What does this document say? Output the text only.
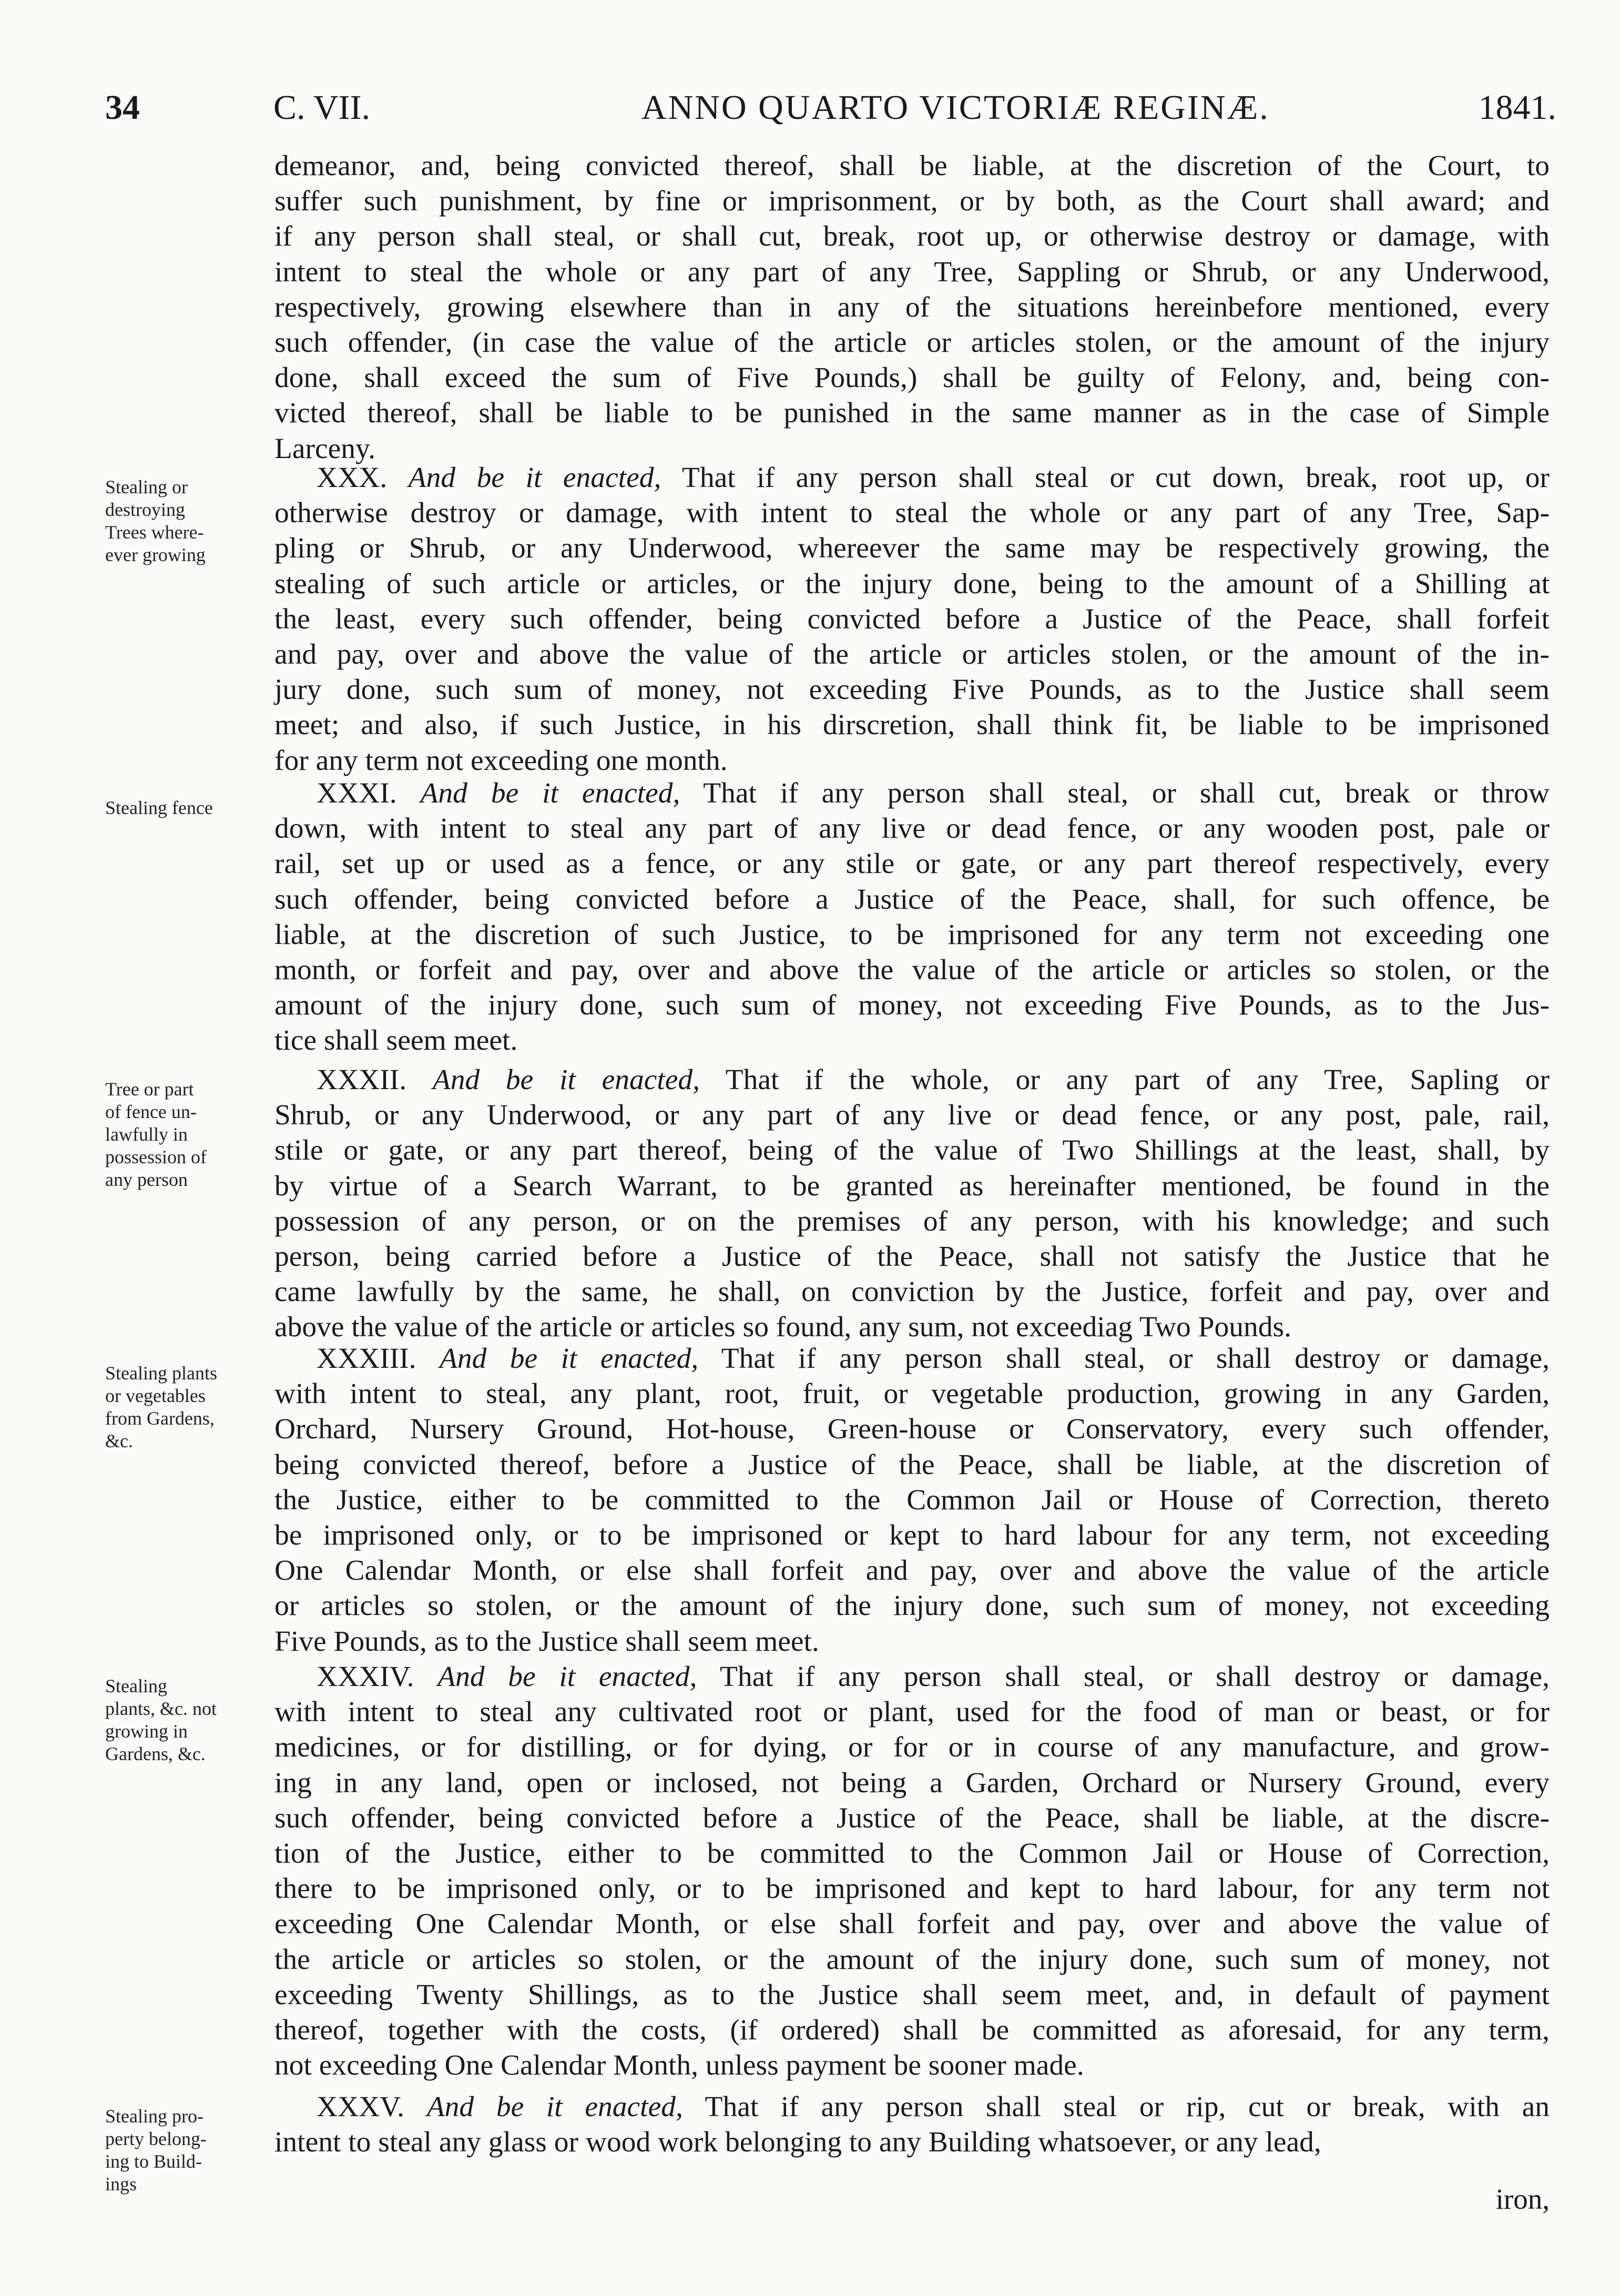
34	C. VII.	ANNO QUARTO VICTORIÆ REGINÆ.	1841.
demeanor, and, being convicted thereof, shall be liable, at the discretion of the Court, to
suffer such punishment, by fine or imprisonment, or by both, as the Court shall award; and
if any person shall steal, or shall cut, break, root up, or otherwise destroy or damage, with
intent to steal the whole or any part of any Tree, Sappling or Shrub, or any Underwood,
respectively, growing elsewhere than in any of the situations hereinbefore mentioned, every
such offender, (in case the value of the article or articles stolen, or the amount of the injury
done, shall exceed the sum of Five Pounds,) shall be guilty of Felony, and, being con-
victed thereof, shall be liable to be punished in the same manner as in the case of Simple
Larceny.
Stealing or
destroying
Trees where-
ever growing
XXX. And be it enacted, That if any person shall steal or cut down, break, root up, or
otherwise destroy or damage, with intent to steal the whole or any part of any Tree, Sap-
pling or Shrub, or any Underwood, whereever the same may be respectively growing, the
stealing of such article or articles, or the injury done, being to the amount of a Shilling at
the least, every such offender, being convicted before a Justice of the Peace, shall forfeit
and pay, over and above the value of the article or articles stolen, or the amount of the in-
jury done, such sum of money, not exceeding Five Pounds, as to the Justice shall seem
meet; and also, if such Justice, in his dirscretion, shall think fit, be liable to be imprisoned
for any term not exceeding one month.
Stealing fence	XXXI. And be it enacted, That if any person shall steal, or shall cut, break or throw
down, with intent to steal any part of any live or dead fence, or any wooden post, pale or
rail, set up or used as a fence, or any stile or gate, or any part thereof respectively, every
such offender, being convicted before a Justice of the Peace, shall, for such offence, be
liable, at the discretion of such Justice, to be imprisoned for any term not exceeding one
month, or forfeit and pay, over and above the value of the article or articles so stolen, or the
amount of the injury done, such sum of money, not exceeding Five Pounds, as to the Jus-
tice shall seem meet.
Tree or part
of fence un-
lawfully in
possession of
any person
XXXII. And be it enacted, That if the whole, or any part of any Tree, Sapling or
Shrub, or any Underwood, or any part of any live or dead fence, or any post, pale, rail,
stile or gate, or any part thereof, being of the value of Two Shillings at the least, shall, by
by virtue of a Search Warrant, to be granted as hereinafter mentioned, be found in the
possession of any person, or on the premises of any person, with his knowledge; and such
person, being carried before a Justice of the Peace, shall not satisfy the Justice that he
came lawfully by the same, he shall, on conviction by the Justice, forfeit and pay, over and
above the value of the article or articles so found, any sum, not exceediag Two Pounds.
Stealing plants
or vegetables
from Gardens,
&c.
XXXIII. And be it enacted, That if any person shall steal, or shall destroy or damage,
with intent to steal, any plant, root, fruit, or vegetable production, growing in any Garden,
Orchard, Nursery Ground, Hot-house, Green-house or Conservatory, every such offender,
being convicted thereof, before a Justice of the Peace, shall be liable, at the discretion of
the Justice, either to be committed to the Common Jail or House of Correction, thereto
be imprisoned only, or to be imprisoned or kept to hard labour for any term, not exceeding
One Calendar Month, or else shall forfeit and pay, over and above the value of the article
or articles so stolen, or the amount of the injury done, such sum of money, not exceeding
Five Pounds, as to the Justice shall seem meet.
Stealing
plants, &c. not
growing in
Gardens, &c.
XXXIV. And be it enacted, That if any person shall steal, or shall destroy or damage,
with intent to steal any cultivated root or plant, used for the food of man or beast, or for
medicines, or for distilling, or for dying, or for or in course of any manufacture, and grow-
ing in any land, open or inclosed, not being a Garden, Orchard or Nursery Ground, every
such offender, being convicted before a Justice of the Peace, shall be liable, at the discre-
tion of the Justice, either to be committed to the Common Jail or House of Correction,
there to be imprisoned only, or to be imprisoned and kept to hard labour, for any term not
exceeding One Calendar Month, or else shall forfeit and pay, over and above the value of
the article or articles so stolen, or the amount of the injury done, such sum of money, not
exceeding Twenty Shillings, as to the Justice shall seem meet, and, in default of payment
thereof, together with the costs, (if ordered) shall be committed as aforesaid, for any term,
not exceeding One Calendar Month, unless payment be sooner made.
Stealing pro-
perty belong-
ing to Build-
ings
XXXV. And be it enacted, That if any person shall steal or rip, cut or break, with an
intent to steal any glass or wood work belonging to any Building whatsoever, or any lead,
iron,
